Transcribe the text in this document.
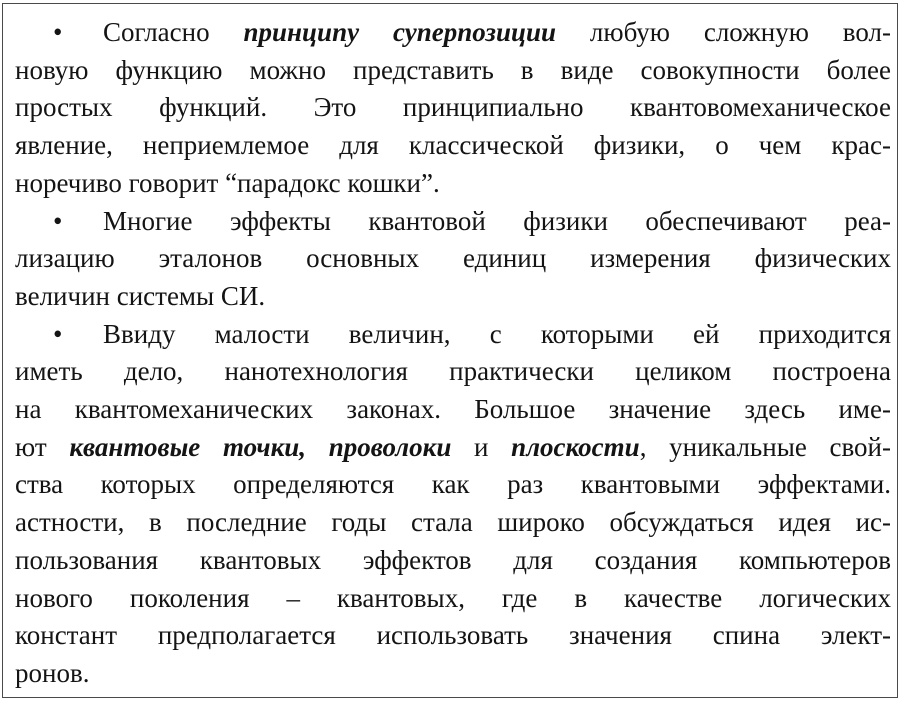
• Согласно принципу суперпозиции любую сложную вол-
новую функцию можно представить в виде совокупности более
простых функций. Это принципиально квантовомеханическое
явление, неприемлемое для классической физики, о чем крас-
норечиво говорит “парадокс кошки”.
• Многие эффекты квантовой физики обеспечивают реа-
лизацию эталонов основных единиц измерения физических
величин системы СИ.
• Ввиду малости величин, с которыми ей приходится
иметь дело, нанотехнология практически целиком построена
на квантомеханических законах. Большое значение здесь име-
ют квантовые точки, проволоки и плоскости, уникальные свой-
ства которых определяются как раз квантовыми эффектами.
астности, в последние годы стала широко обсуждаться идея ис-
пользования квантовых эффектов для создания компьютеров
нового поколения – квантовых, где в качестве логических
констант предполагается использовать значения спина элект-
ронов.
